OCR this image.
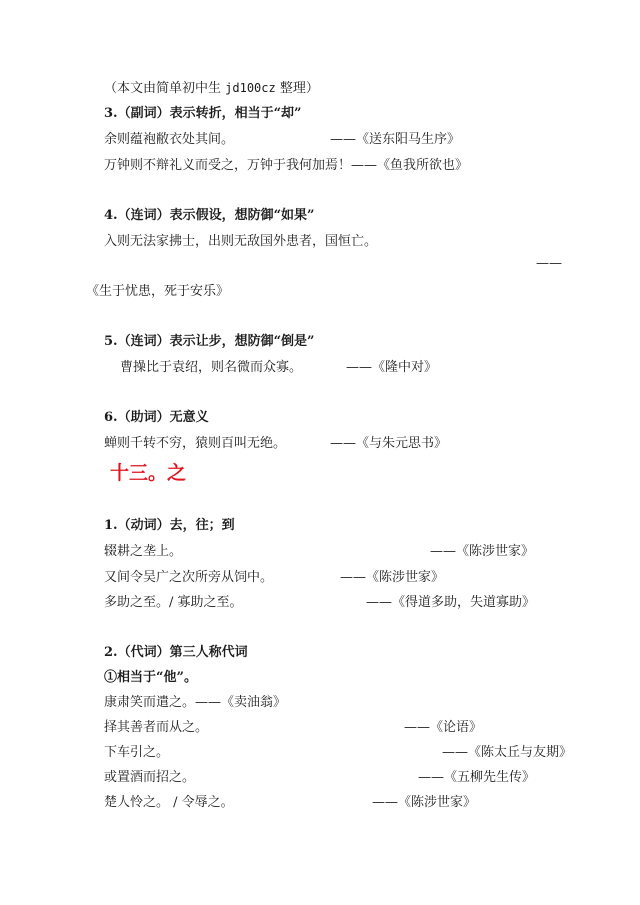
（本文由简单初中生 jd100cz 整理）
3.（副词）表示转折，相当于“却”
余则蕴袍敝衣处其间。	——《送东阳马生序》
万钟则不辩礼义而受之，万钟于我何加焉！——《鱼我所欲也》
4.（连词）表示假设，想防御“如果”
入则无法家拂士，出则无敌国外患者，国恒亡。
——
《生于忧患，死于安乐》
5.（连词）表示让步，想防御“倒是”
曹操比于袁绍，则名微而众寡。	——《隆中对》
6.（助词）无意义
蝉则千转不穷，猿则百叫无绝。	——《与朱元思书》
十三。之
1.（动词）去，往；到
辍耕之垄上。	——《陈涉世家》
又间令吴广之次所旁从饲中。	——《陈涉世家》
多助之至。/ 寡助之至。	——《得道多助，失道寡助》
2.（代词）第三人称代词
①相当于“他”。
康肃笑而遣之。——《卖油翁》
择其善者而从之。	——《论语》
下车引之。	——《陈太丘与友期》
或置酒而招之。	——《五柳先生传》
楚人怜之。 / 令辱之。	——《陈涉世家》
